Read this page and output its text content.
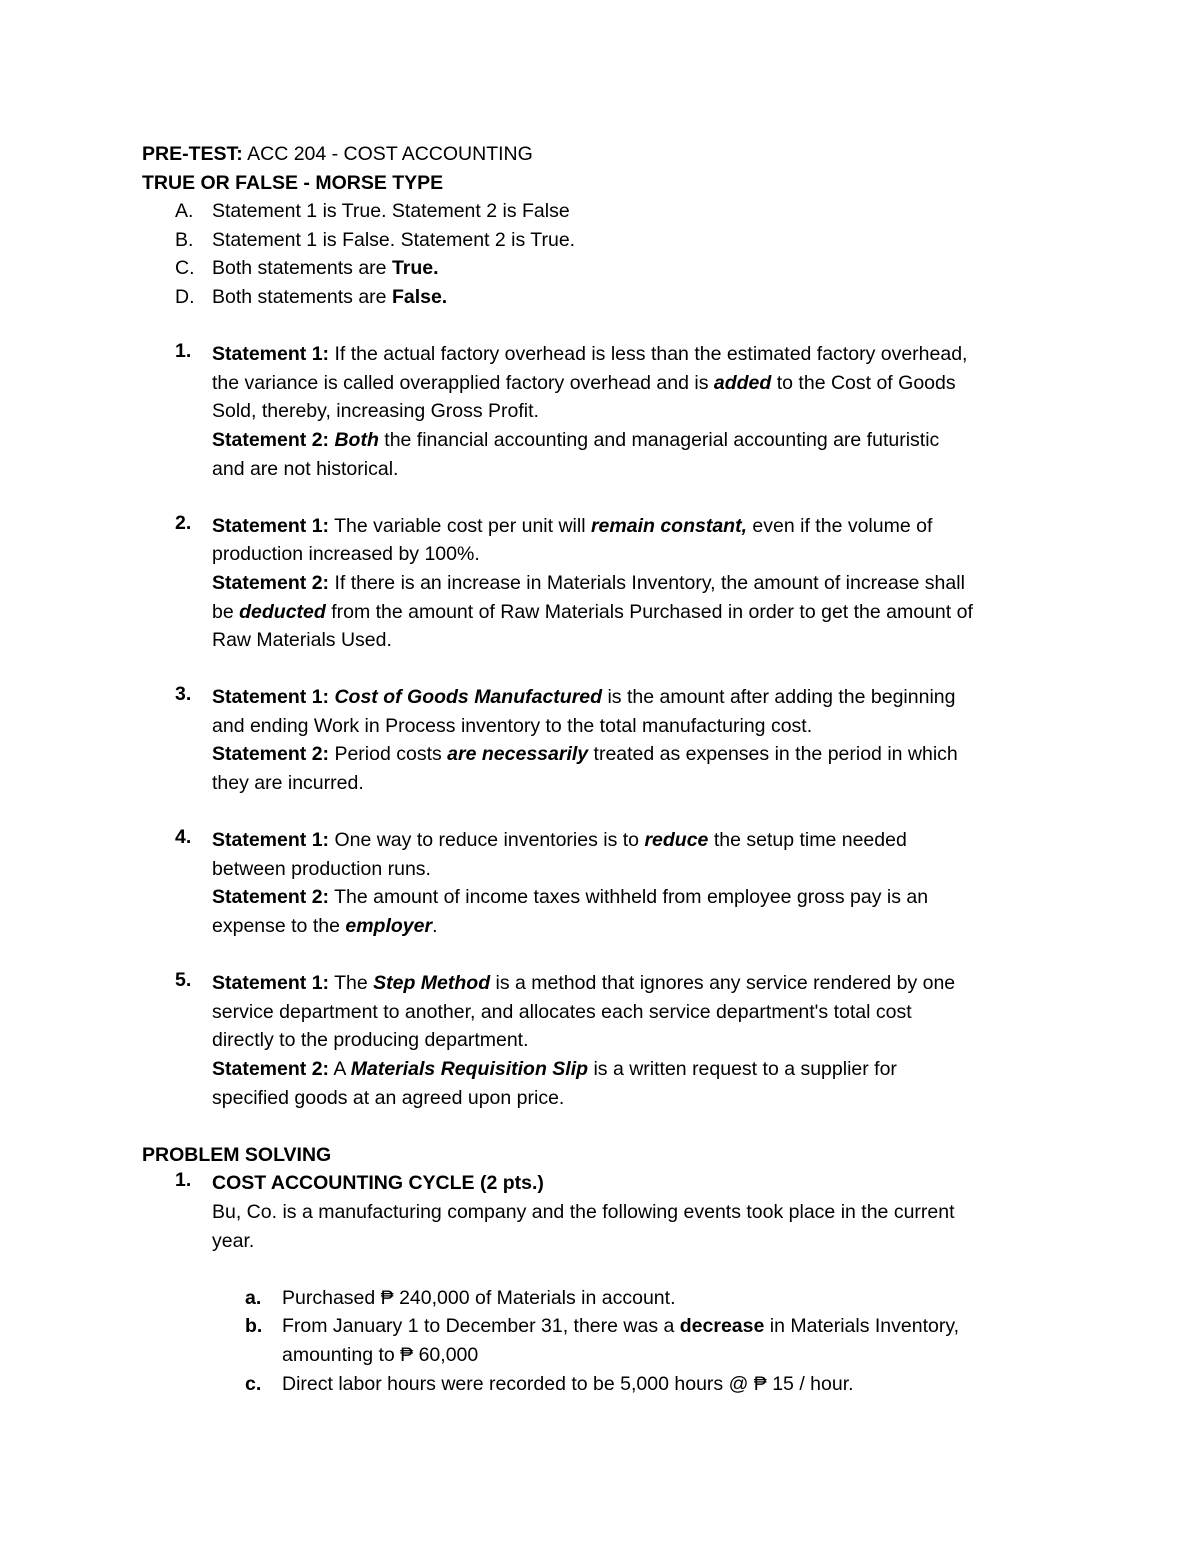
PRE-TEST: ACC 204 - COST ACCOUNTING
TRUE OR FALSE - MORSE TYPE
A. Statement 1 is True. Statement 2 is False
B. Statement 1 is False. Statement 2 is True.
C. Both statements are True.
D. Both statements are False.
1. Statement 1: If the actual factory overhead is less than the estimated factory overhead,
the variance is called overapplied factory overhead and is added to the Cost of Goods
Sold, thereby, increasing Gross Profit.
Statement 2: Both the financial accounting and managerial accounting are futuristic
and are not historical.
2. Statement 1: The variable cost per unit will remain constant, even if the volume of
production increased by 100%.
Statement 2: If there is an increase in Materials Inventory, the amount of increase shall
be deducted from the amount of Raw Materials Purchased in order to get the amount of
Raw Materials Used.
3. Statement 1: Cost of Goods Manufactured is the amount after adding the beginning
and ending Work in Process inventory to the total manufacturing cost.
Statement 2: Period costs are necessarily treated as expenses in the period in which
they are incurred.
4. Statement 1: One way to reduce inventories is to reduce the setup time needed
between production runs.
Statement 2: The amount of income taxes withheld from employee gross pay is an
expense to the employer.
5. Statement 1: The Step Method is a method that ignores any service rendered by one
service department to another, and allocates each service department's total cost
directly to the producing department.
Statement 2: A Materials Requisition Slip is a written request to a supplier for
specified goods at an agreed upon price.
PROBLEM SOLVING
1. COST ACCOUNTING CYCLE (2 pts.)
Bu, Co. is a manufacturing company and the following events took place in the current
year.
a. Purchased ₱ 240,000 of Materials in account.
b. From January 1 to December 31, there was a decrease in Materials Inventory,
amounting to ₱ 60,000
c. Direct labor hours were recorded to be 5,000 hours @ ₱ 15 / hour.
